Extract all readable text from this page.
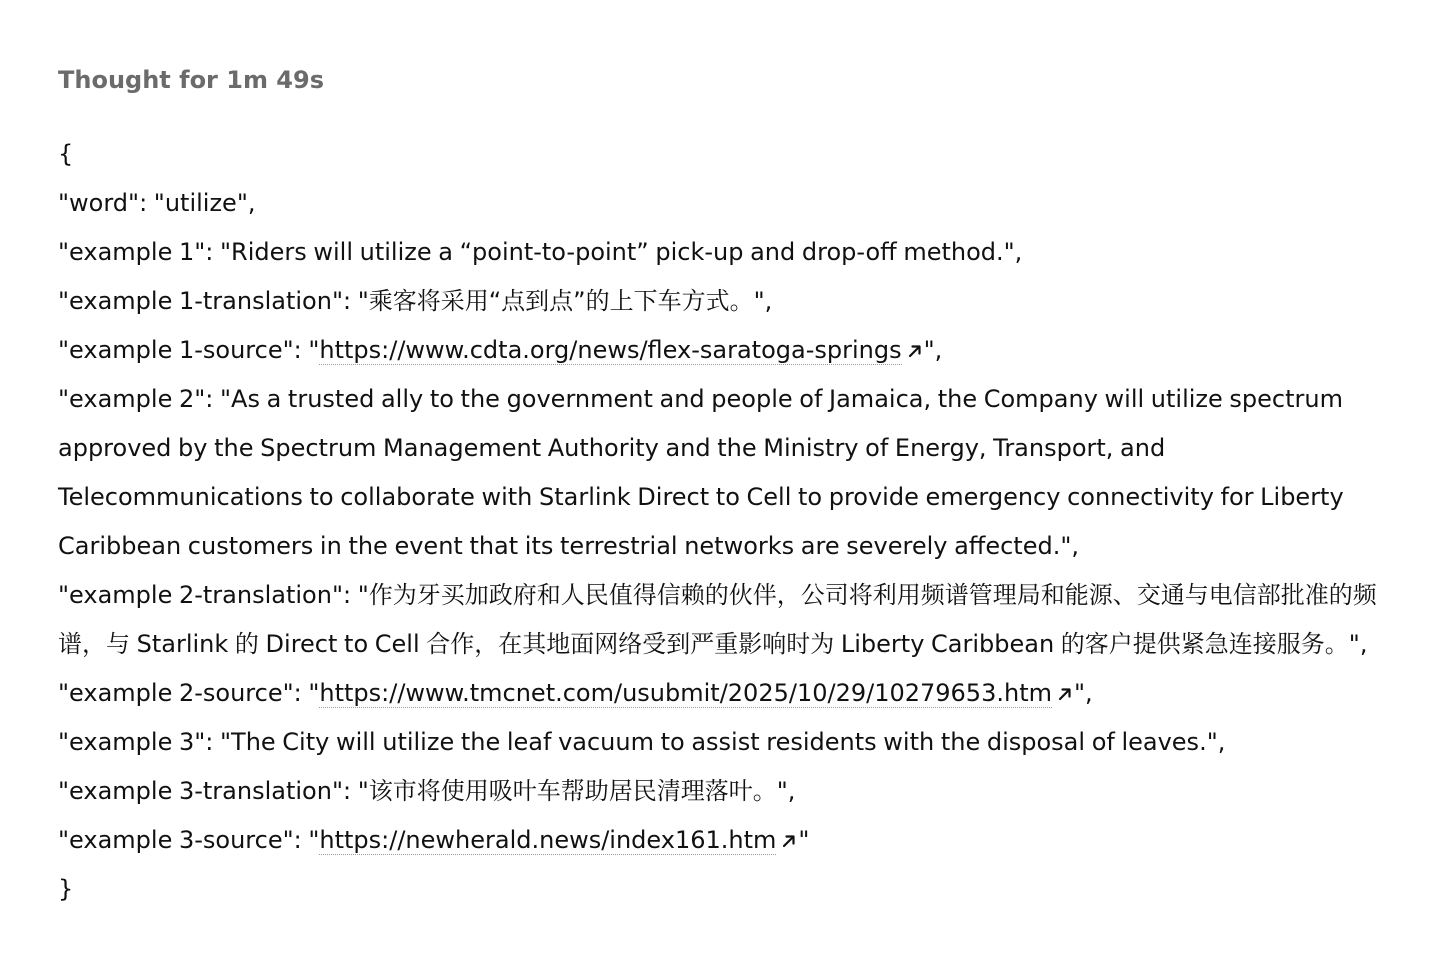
Thought for 1m 49s
{
"word": "utilize",
"example 1": "Riders will utilize a “point-to-point” pick-up and drop-off method.",
"example 1-translation": "乘客将采用“点到点”的上下车方式。",
"example 1-source": "https://www.cdta.org/news/flex-saratoga-springs ",
"example 2": "As a trusted ally to the government and people of Jamaica, the Company will utilize spectrum approved by the Spectrum Management Authority and the Ministry of Energy, Transport, and Telecommunications to collaborate with Starlink Direct to Cell to provide emergency connectivity for Liberty Caribbean customers in the event that its terrestrial networks are severely affected.",
"example 2-translation": "作为牙买加政府和人民值得信赖的伙伴，公司将利用频谱管理局和能源、交通与电信部批准的频谱，与 Starlink 的 Direct to Cell 合作，在其地面网络受到严重影响时为 Liberty Caribbean 的客户提供紧急连接服务。",
"example 2-source": "https://www.tmcnet.com/usubmit/2025/10/29/10279653.htm ",
"example 3": "The City will utilize the leaf vacuum to assist residents with the disposal of leaves.",
"example 3-translation": "该市将使用吸叶车帮助居民清理落叶。",
"example 3-source": "https://newherald.news/index161.htm "
}
